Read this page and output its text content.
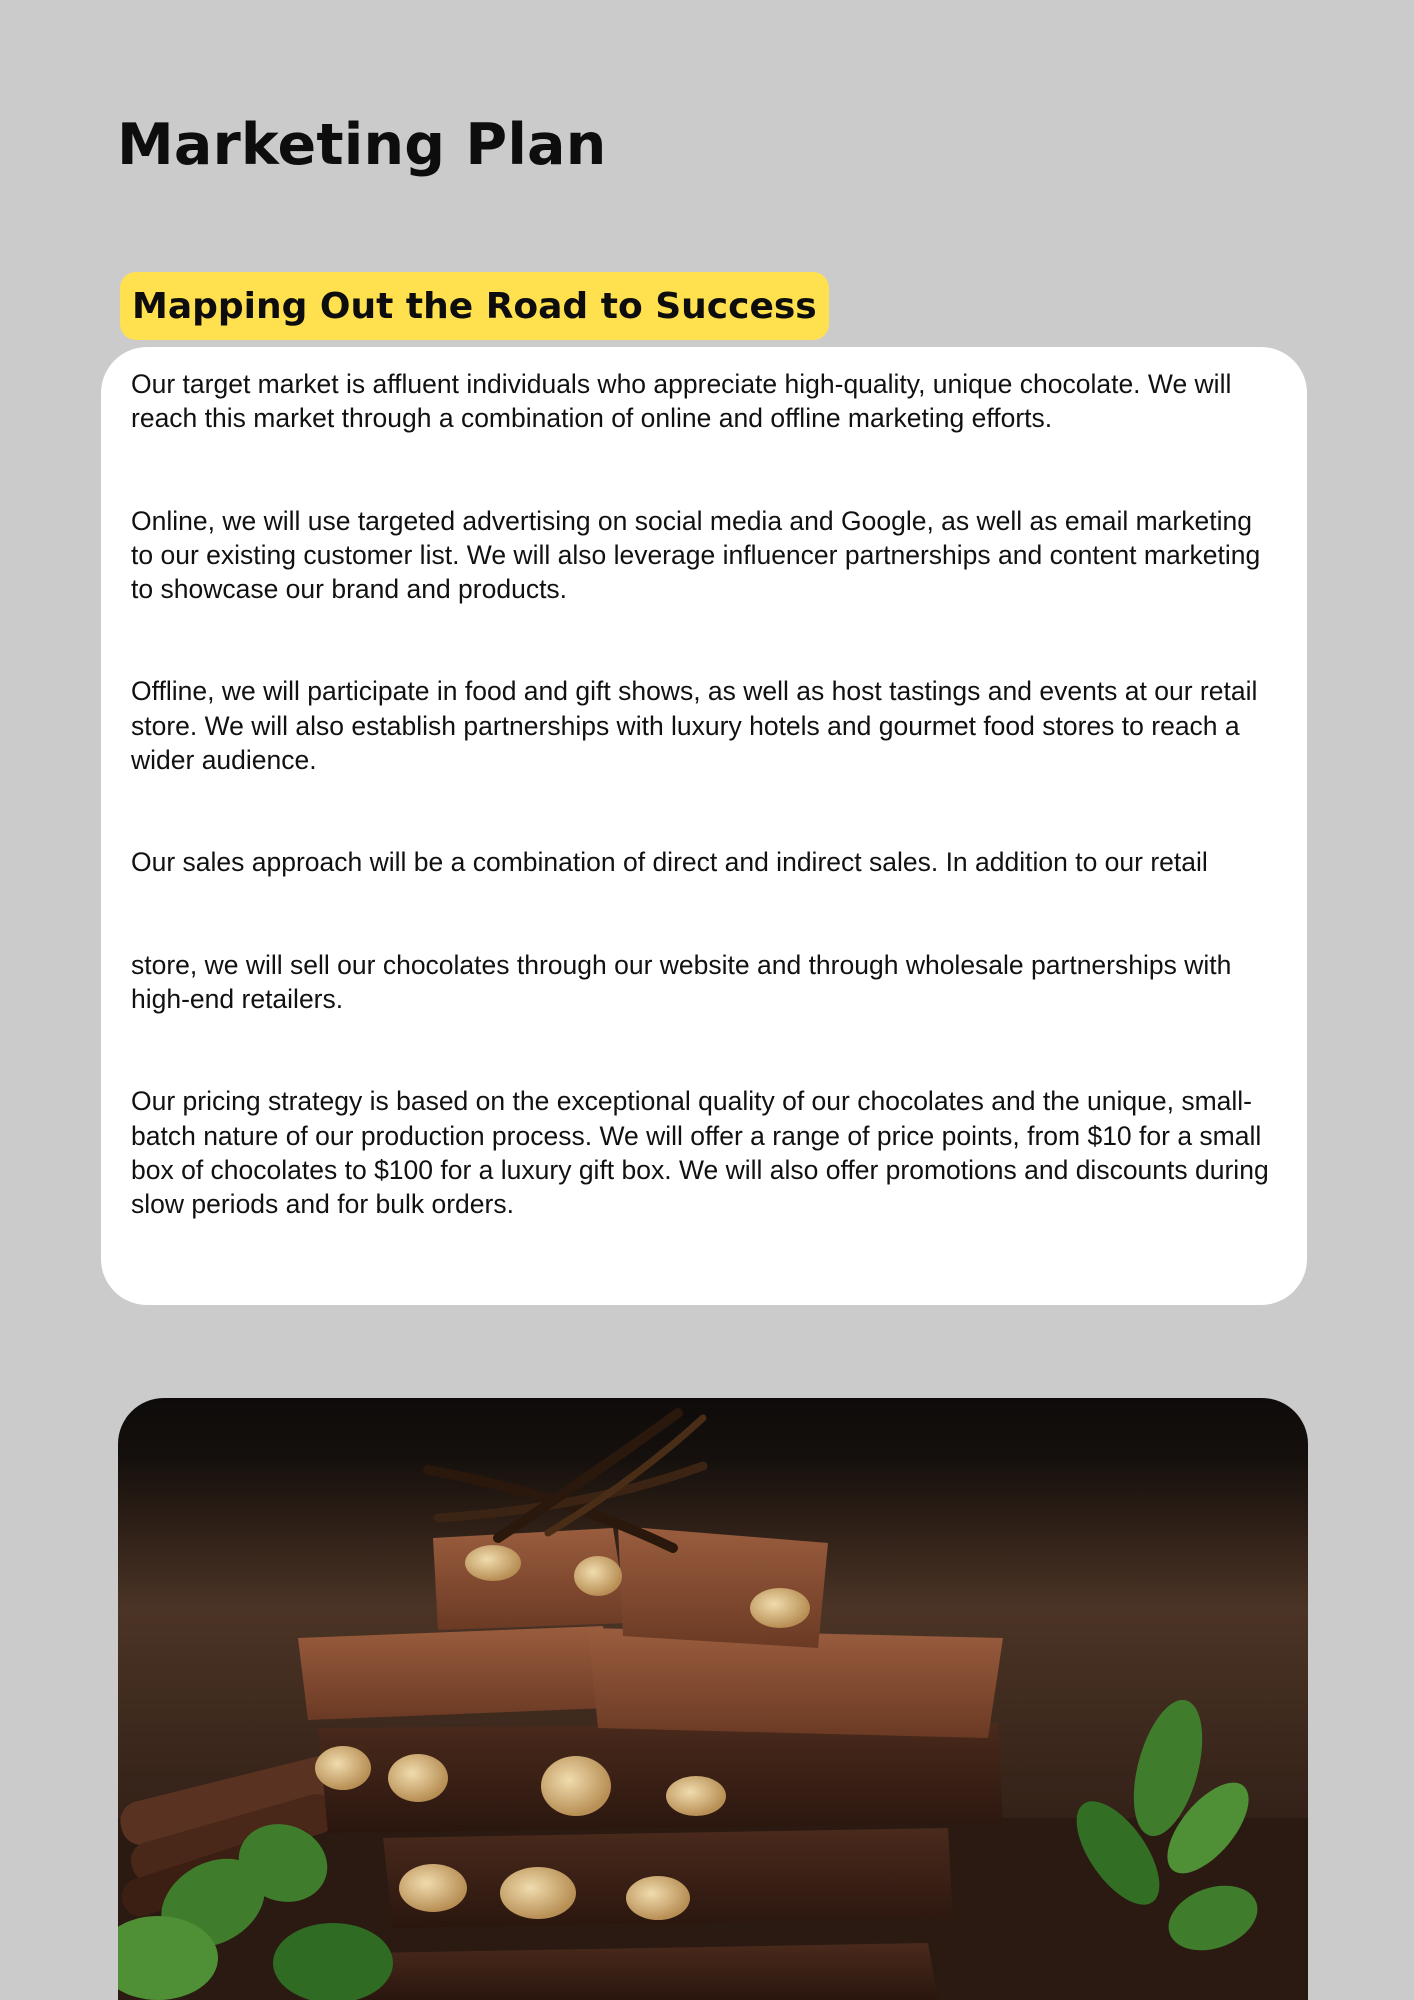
Marketing Plan
Mapping Out the Road to Success

Our target market is affluent individuals who appreciate high-quality, unique chocolate. We will reach this market through a combination of online and offline marketing efforts.

Online, we will use targeted advertising on social media and Google, as well as email marketing to our existing customer list. We will also leverage influencer partnerships and content marketing to showcase our brand and products.

Offline, we will participate in food and gift shows, as well as host tastings and events at our retail store. We will also establish partnerships with luxury hotels and gourmet food stores to reach a wider audience.

Our sales approach will be a combination of direct and indirect sales. In addition to our retail

store, we will sell our chocolates through our website and through wholesale partnerships with high-end retailers.

Our pricing strategy is based on the exceptional quality of our chocolates and the unique, small-batch nature of our production process. We will offer a range of price points, from $10 for a small box of chocolates to $100 for a luxury gift box. We will also offer promotions and discounts during slow periods and for bulk orders.
